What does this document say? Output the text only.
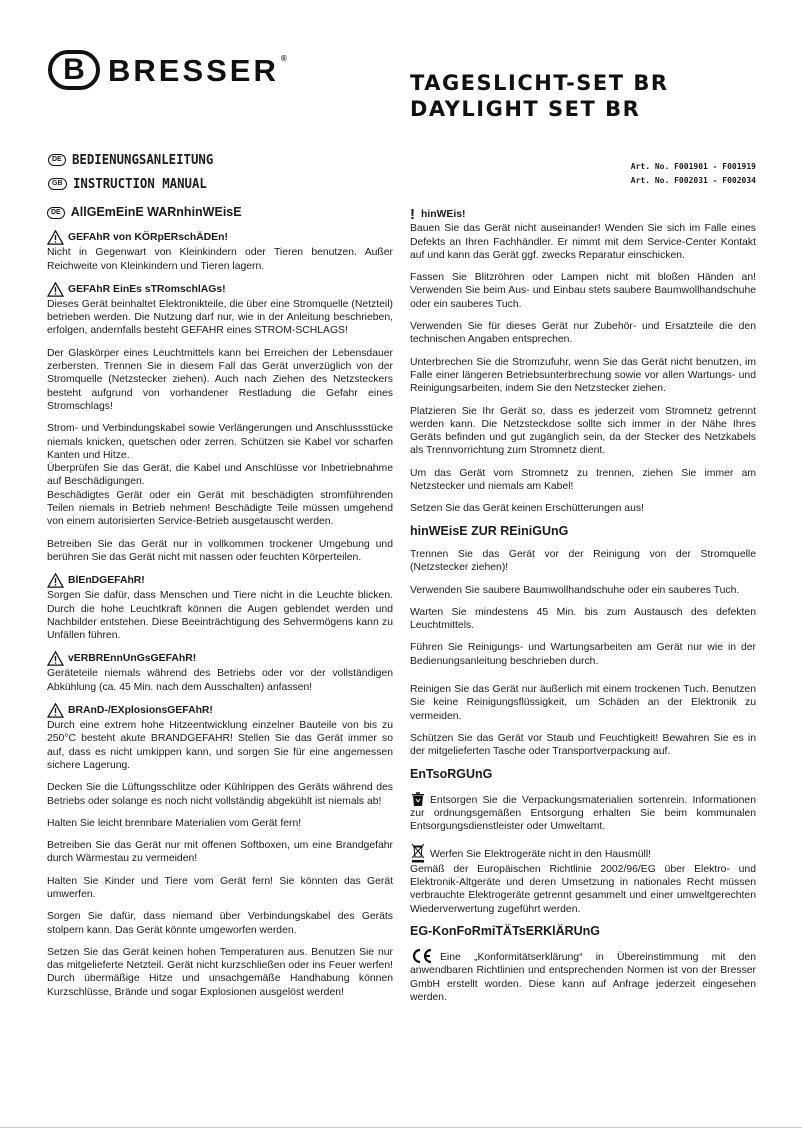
B BRESSER ®
TAGESLICHT-SET BR
DAYLIGHT SET BR
DE BEDIENUNGSANLEITUNG
GB INSTRUCTION MANUAL
Art. No. F001901 - F001919
Art. No. F002031 - F002034
DE AllGEmEinE WARnhinWEisE
GEFAhR von KÖRpERschÄDEn!

Nicht in Gegenwart von Kleinkindern oder Tieren benutzen. Außer Reichweite von Kleinkindern und Tieren lagern.

GEFAhR EinEs sTRomschlAGs!

Dieses Gerät beinhaltet Elektronikteile, die über eine Stromquelle (Netzteil) betrieben werden. Die Nutzung darf nur, wie in der Anleitung beschrieben, erfolgen, andernfalls besteht GEFAHR eines STROM-SCHLAGS!

Der Glaskörper eines Leuchtmittels kann bei Erreichen der Lebensdauer zerbersten. Trennen Sie in diesem Fall das Gerät unverzüglich von der Stromquelle (Netzstecker ziehen). Auch nach Ziehen des Netzsteckers besteht aufgrund von vorhandener Restladung die Gefahr eines Stromschlags!

Strom- und Verbindungskabel sowie Verlängerungen und Anschlussstücke niemals knicken, quetschen oder zerren. Schützen sie Kabel vor scharfen Kanten und Hitze.

Überprüfen Sie das Gerät, die Kabel und Anschlüsse vor Inbetriebnahme auf Beschädigungen.

Beschädigtes Gerät oder ein Gerät mit beschädigten stromführenden Teilen niemals in Betrieb nehmen! Beschädigte Teile müssen umgehend von einem autorisierten Service-Betrieb ausgetauscht werden.

Betreiben Sie das Gerät nur in vollkommen trockener Umgebung und berühren Sie das Gerät nicht mit nassen oder feuchten Körperteilen.

BlEnDGEFAhR!

Sorgen Sie dafür, dass Menschen und Tiere nicht in die Leuchte blicken. Durch die hohe Leuchtkraft können die Augen geblendet werden und Nachbilder entstehen. Diese Beeinträchtigung des Sehvermögens kann zu Unfällen führen.

vERBREnnUnGsGEFAhR!

Geräteteile niemals während des Betriebs oder vor der vollständigen Abkühlung (ca. 45 Min. nach dem Ausschalten) anfassen!

BRAnD-/EXplosionsGEFAhR!

Durch eine extrem hohe Hitzeentwicklung einzelner Bauteile von bis zu 250°C besteht akute BRANDGEFAHR! Stellen Sie das Gerät immer so auf, dass es nicht umkippen kann, und sorgen Sie für eine angemessen sichere Lagerung.

Decken Sie die Lüftungsschlitze oder Kühlrippen des Geräts während des Betriebs oder solange es noch nicht vollständig abgekühlt ist niemals ab!

Halten Sie leicht brennbare Materialien vom Gerät fern!

Betreiben Sie das Gerät nur mit offenen Softboxen, um eine Brandgefahr durch Wärmestau zu vermeiden!

Halten Sie Kinder und Tiere vom Gerät fern! Sie könnten das Gerät umwerfen.

Sorgen Sie dafür, dass niemand über Verbindungskabel des Geräts stolpern kann. Das Gerät könnte umgeworfen werden.

Setzen Sie das Gerät keinen hohen Temperaturen aus. Benutzen Sie nur das mitgelieferte Netzteil. Gerät nicht kurzschließen oder ins Feuer werfen! Durch übermäßige Hitze und unsachgemäße Handhabung können Kurzschlüsse, Brände und sogar Explosionen ausgelöst werden!

! hinWEis!

Bauen Sie das Gerät nicht auseinander! Wenden Sie sich im Falle eines Defekts an Ihren Fachhändler. Er nimmt mit dem Service-Center Kontakt auf und kann das Gerät ggf. zwecks Reparatur einschicken.

Fassen Sie Blitzröhren oder Lampen nicht mit bloßen Händen an! Verwenden Sie beim Aus- und Einbau stets saubere Baumwollhandschuhe oder ein sauberes Tuch.

Verwenden Sie für dieses Gerät nur Zubehör- und Ersatzteile die den technischen Angaben entsprechen.

Unterbrechen Sie die Stromzufuhr, wenn Sie das Gerät nicht benutzen, im Falle einer längeren Betriebsunterbrechung sowie vor allen Wartungs- und Reinigungsarbeiten, indem Sie den Netzstecker ziehen.

Platzieren Sie Ihr Gerät so, dass es jederzeit vom Stromnetz getrennt werden kann. Die Netzsteckdose sollte sich immer in der Nähe Ihres Geräts befinden und gut zugänglich sein, da der Stecker des Netzkabels als Trennvorrichtung zum Stromnetz dient.

Um das Gerät vom Stromnetz zu trennen, ziehen Sie immer am Netzstecker und niemals am Kabel!

Setzen Sie das Gerät keinen Erschütterungen aus!

hinWEisE ZUR REiniGUnG

Trennen Sie das Gerät vor der Reinigung von der Stromquelle (Netzstecker ziehen)!

Verwenden Sie saubere Baumwollhandschuhe oder ein sauberes Tuch.

Warten Sie mindestens 45 Min. bis zum Austausch des defekten Leuchtmittels.

Führen Sie Reinigungs- und Wartungsarbeiten am Gerät nur wie in der Bedienungsanleitung beschrieben durch.

Reinigen Sie das Gerät nur äußerlich mit einem trockenen Tuch. Benutzen Sie keine Reinigungsflüssigkeit, um Schäden an der Elektronik zu vermeiden.

Schützen Sie das Gerät vor Staub und Feuchtigkeit! Bewahren Sie es in der mitgelieferten Tasche oder Transportverpackung auf.

EnTsoRGUnG

Entsorgen Sie die Verpackungsmaterialien sortenrein. Informationen zur ordnungsgemäßen Entsorgung erhalten Sie beim kommunalen Entsorgungsdienstleister oder Umweltamt.

Werfen Sie Elektrogeräte nicht in den Hausmüll!

Gemäß der Europäischen Richtlinie 2002/96/EG über Elektro- und Elektronik-Altgeräte und deren Umsetzung in nationales Recht müssen verbrauchte Elektrogeräte getrennt gesammelt und einer umweltgerechten Wiederverwertung zugeführt werden.

EG-KonFoRmiTÄTsERKlÄRUnG

Eine „Konformitätserklärung“ in Übereinstimmung mit den anwendbaren Richtlinien und entsprechenden Normen ist von der Bresser GmbH erstellt worden. Diese kann auf Anfrage jederzeit eingesehen werden.
